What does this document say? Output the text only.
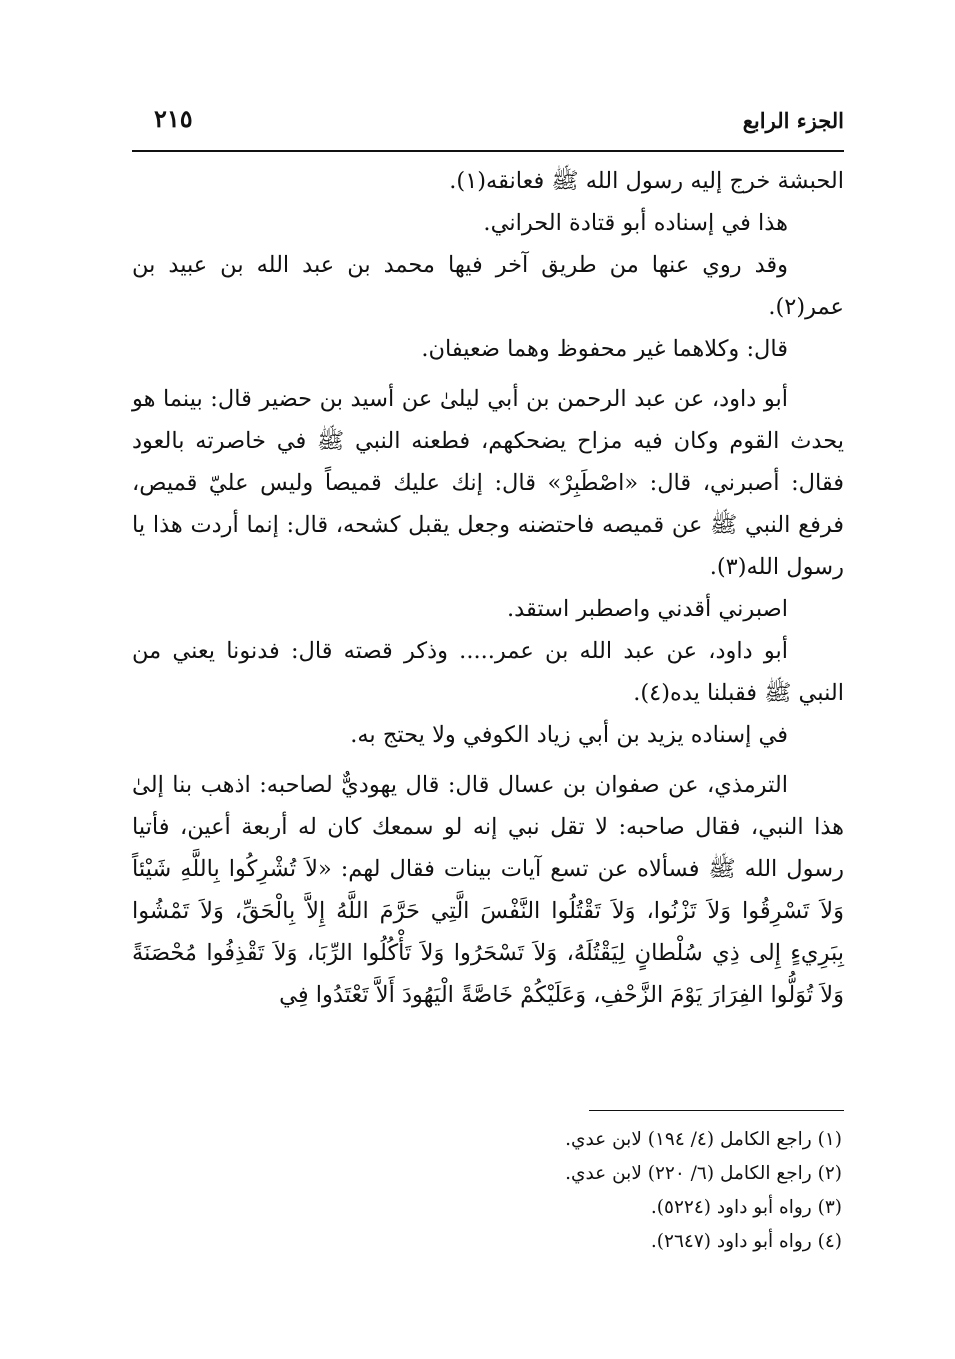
الجزء الرابع
٢١٥

الحبشة خرج إليه رسول الله ﷺ فعانقه(١).

هذا في إسناده أبو قتادة الحراني.

وقد روي عنها من طريق آخر فيها محمد بن عبد الله بن عبيد بن عمر(٢).

قال: وكلاهما غير محفوظ وهما ضعيفان.

أبو داود، عن عبد الرحمن بن أبي ليلىٰ عن أسيد بن حضير قال: بينما هو يحدث القوم وكان فيه مزاح يضحكهم، فطعنه النبي ﷺ في خاصرته بالعود فقال: أصبرني، قال: «اصْطَبِرْ» قال: إنك عليك قميصاً وليس عليّ قميص، فرفع النبي ﷺ عن قميصه فاحتضنه وجعل يقبل كشحه، قال: إنما أردت هذا يا رسول الله(٣).

اصبرني أقدني واصطبر استقد.

أبو داود، عن عبد الله بن عمر..... وذكر قصته قال: فدنونا يعني من النبي ﷺ فقبلنا يده(٤).

في إسناده يزيد بن أبي زياد الكوفي ولا يحتج به.

الترمذي، عن صفوان بن عسال قال: قال يهوديٌّ لصاحبه: اذهب بنا إلىٰ هذا النبي، فقال صاحبه: لا تقل نبي إنه لو سمعك كان له أربعة أعين، فأتيا رسول الله ﷺ فسألاه عن تسع آيات بينات فقال لهم: «لاَ تُشْرِكُوا بِاللَّهِ شَيْئاً وَلاَ تَسْرِقُوا وَلاَ تَزْنُوا، وَلاَ تَقْتُلُوا النَّفْسَ الَّتِي حَرَّمَ اللَّهُ إِلاَّ بِالْحَقِّ، وَلاَ تَمْشُوا بِبَرِيءٍ إِلى ذِي سُلْطانٍ لِيَقْتُلَهُ، وَلاَ تَسْحَرُوا وَلاَ تَأْكُلُوا الرِّبَا، وَلاَ تَقْذِفُوا مُحْصَنَةً وَلاَ تُوَلُّوا الفِرَارَ يَوْمَ الزَّحْفِ، وَعَلَيْكُمْ خَاصَّةً الْيَهُودَ أَلاَّ تَعْتَدُوا فِي

(١) راجع الكامل (٤/ ١٩٤) لابن عدي.

(٢) راجع الكامل (٦/ ٢٢٠) لابن عدي.

(٣) رواه أبو داود (٥٢٢٤).

(٤) رواه أبو داود (٢٦٤٧).
